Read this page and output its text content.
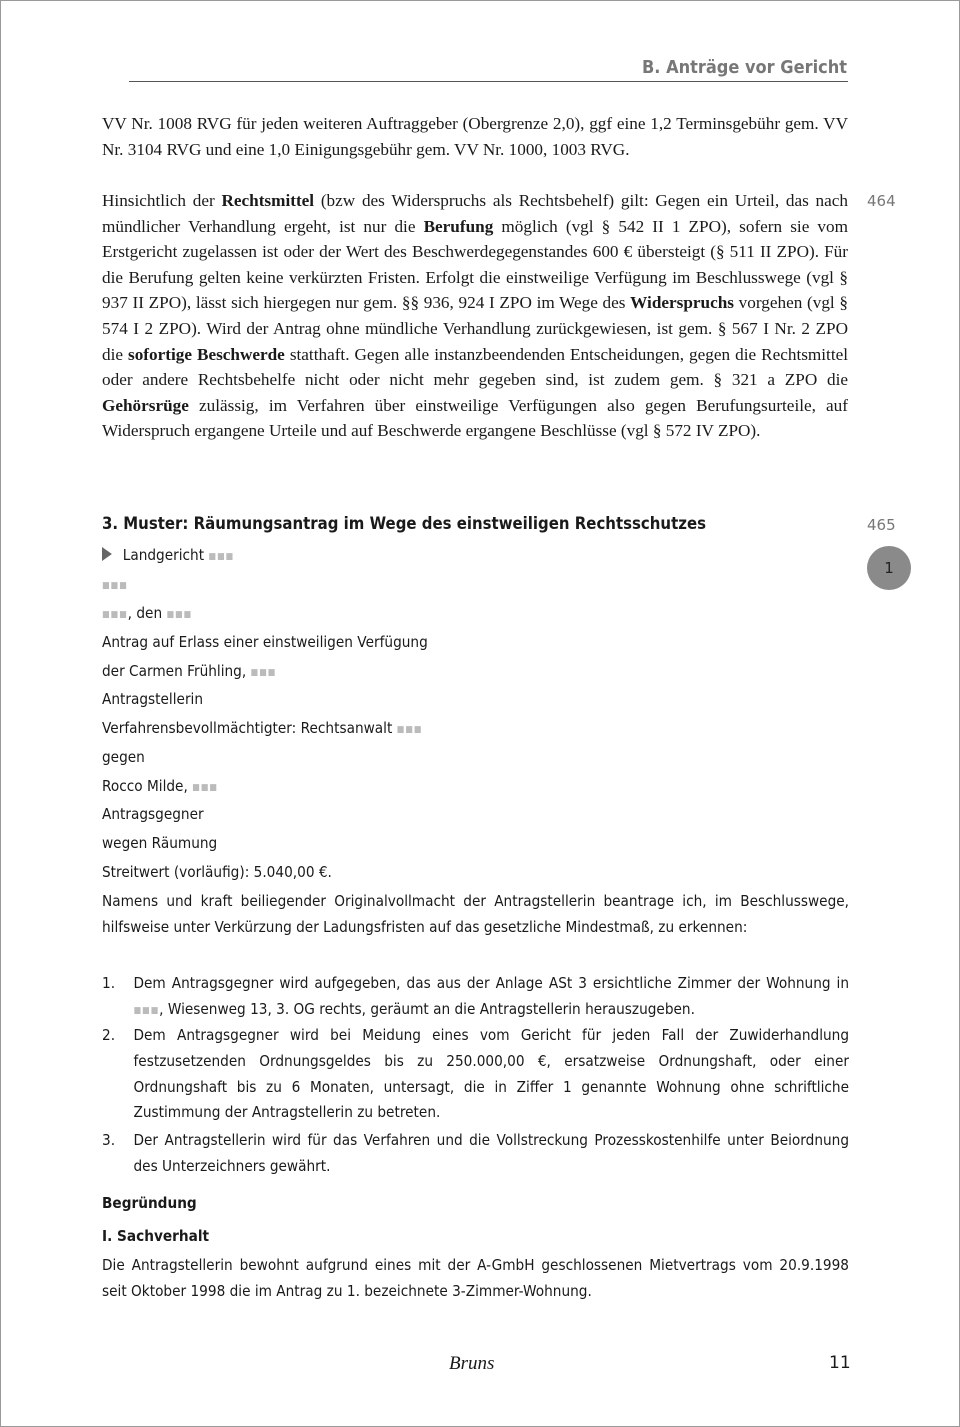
B. Anträge vor Gericht
VV Nr. 1008 RVG für jeden weiteren Auftraggeber (Obergrenze 2,0), ggf eine 1,2 Terminsgebühr gem. VV Nr. 3104 RVG und eine 1,0 Einigungsgebühr gem. VV Nr. 1000, 1003 RVG.
464
Hinsichtlich der Rechtsmittel (bzw des Widerspruchs als Rechtsbehelf) gilt: Gegen ein Urteil, das nach mündlicher Verhandlung ergeht, ist nur die Berufung möglich (vgl § 542 II 1 ZPO), sofern sie vom Erstgericht zugelassen ist oder der Wert des Beschwerdegegenstandes 600 € übersteigt (§ 511 II ZPO). Für die Berufung gelten keine verkürzten Fristen. Erfolgt die einstweilige Verfügung im Beschlusswege (vgl § 937 II ZPO), lässt sich hiergegen nur gem. §§ 936, 924 I ZPO im Wege des Widerspruchs vorgehen (vgl § 574 I 2 ZPO). Wird der Antrag ohne mündliche Verhandlung zurückgewiesen, ist gem. § 567 I Nr. 2 ZPO die sofortige Beschwerde statthaft. Gegen alle instanzbeendenden Entscheidungen, gegen die Rechtsmittel oder andere Rechtsbehelfe nicht oder nicht mehr gegeben sind, ist zudem gem. § 321 a ZPO die Gehörsrüge zulässig, im Verfahren über einstweilige Verfügungen also gegen Berufungsurteile, auf Widerspruch ergangene Urteile und auf Beschwerde ergangene Beschlüsse (vgl § 572 IV ZPO).
3. Muster: Räumungsantrag im Wege des einstweiligen Rechtsschutzes	465
1
Landgericht ■■■
■■■
■■■, den ■■■
Antrag auf Erlass einer einstweiligen Verfügung
der Carmen Frühling, ■■■
Antragstellerin
Verfahrensbevollmächtigter: Rechtsanwalt ■■■
gegen
Rocco Milde, ■■■
Antragsgegner
wegen Räumung
Streitwert (vorläufig): 5.040,00 €.
Namens und kraft beiliegender Originalvollmacht der Antragstellerin beantrage ich, im Beschlusswege, hilfsweise unter Verkürzung der Ladungsfristen auf das gesetzliche Mindestmaß, zu erkennen:
1. Dem Antragsgegner wird aufgegeben, das aus der Anlage ASt 3 ersichtliche Zimmer der Wohnung in ■■■, Wiesenweg 13, 3. OG rechts, geräumt an die Antragstellerin herauszugeben.
2. Dem Antragsgegner wird bei Meidung eines vom Gericht für jeden Fall der Zuwiderhandlung festzusetzenden Ordnungsgeldes bis zu 250.000,00 €, ersatzweise Ordnungshaft, oder einer Ordnungshaft bis zu 6 Monaten, untersagt, die in Ziffer 1 genannte Wohnung ohne schriftliche Zustimmung der Antragstellerin zu betreten.
3. Der Antragstellerin wird für das Verfahren und die Vollstreckung Prozesskostenhilfe unter Beiordnung des Unterzeichners gewährt.
Begründung
I. Sachverhalt
Die Antragstellerin bewohnt aufgrund eines mit der A-GmbH geschlossenen Mietvertrags vom 20.9.1998 seit Oktober 1998 die im Antrag zu 1. bezeichnete 3-Zimmer-Wohnung.
Bruns	11
